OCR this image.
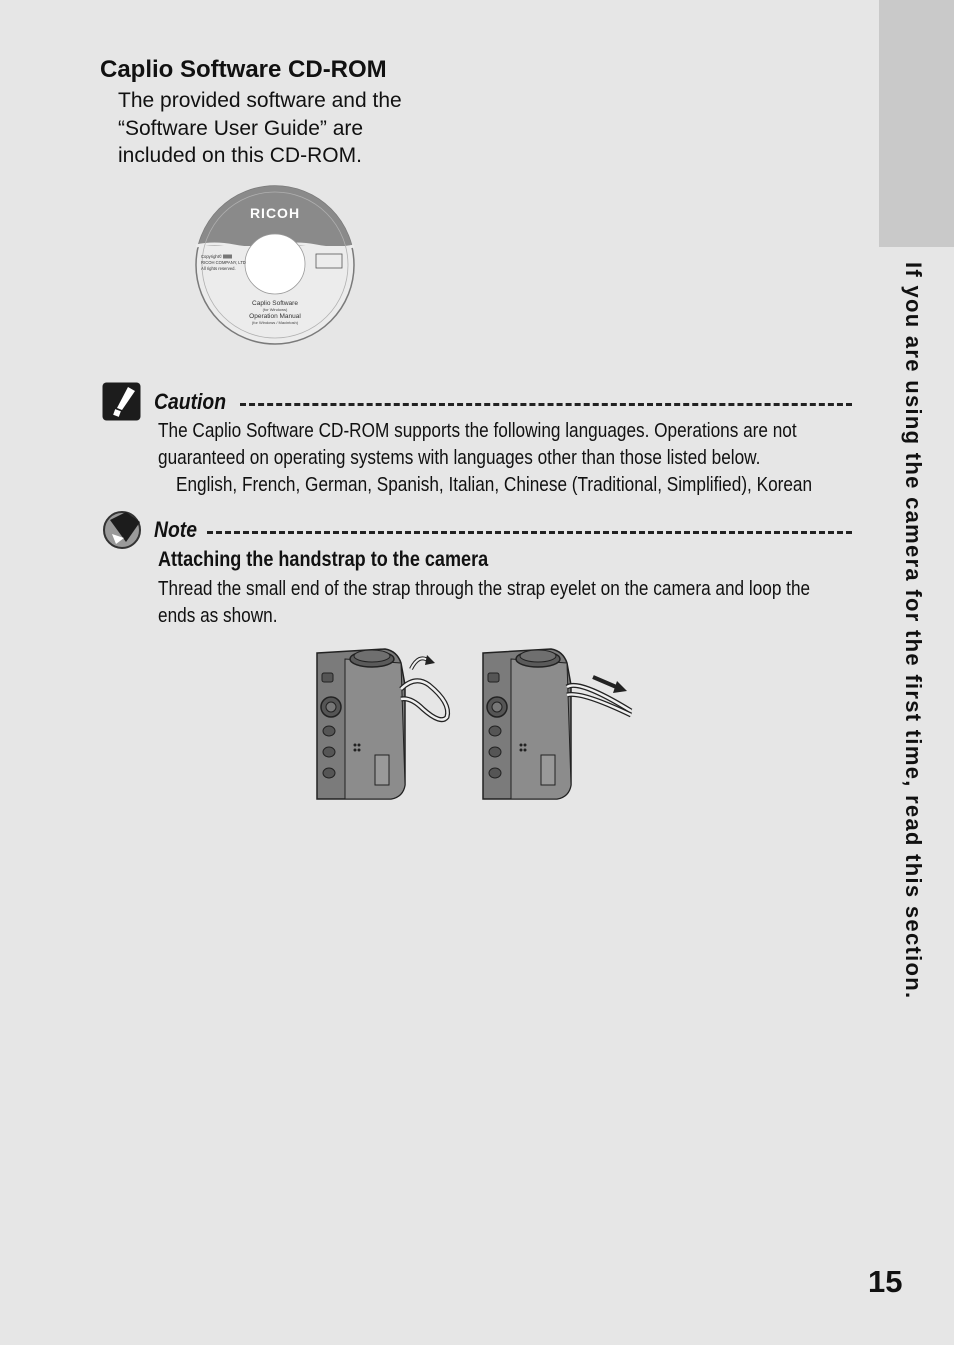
If you are using the camera for the first time, read this section.
Caplio Software CD-ROM
The provided software and the
“Software User Guide” are
included on this CD-ROM.
RICOH
Copyright©
RICOH COMPANY, LTD
All rights reserved.
Caplio Software
(for Windows)
Operation Manual
(for Windows / Macintosh)
Caution
The Caplio Software CD-ROM supports the following languages. Operations are not
guaranteed on operating systems with languages other than those listed below.
English, French, German, Spanish, Italian, Chinese (Traditional, Simplified), Korean
Note
Attaching the handstrap to the camera
Thread the small end of the strap through the strap eyelet on the camera and loop the
ends as shown.
15
